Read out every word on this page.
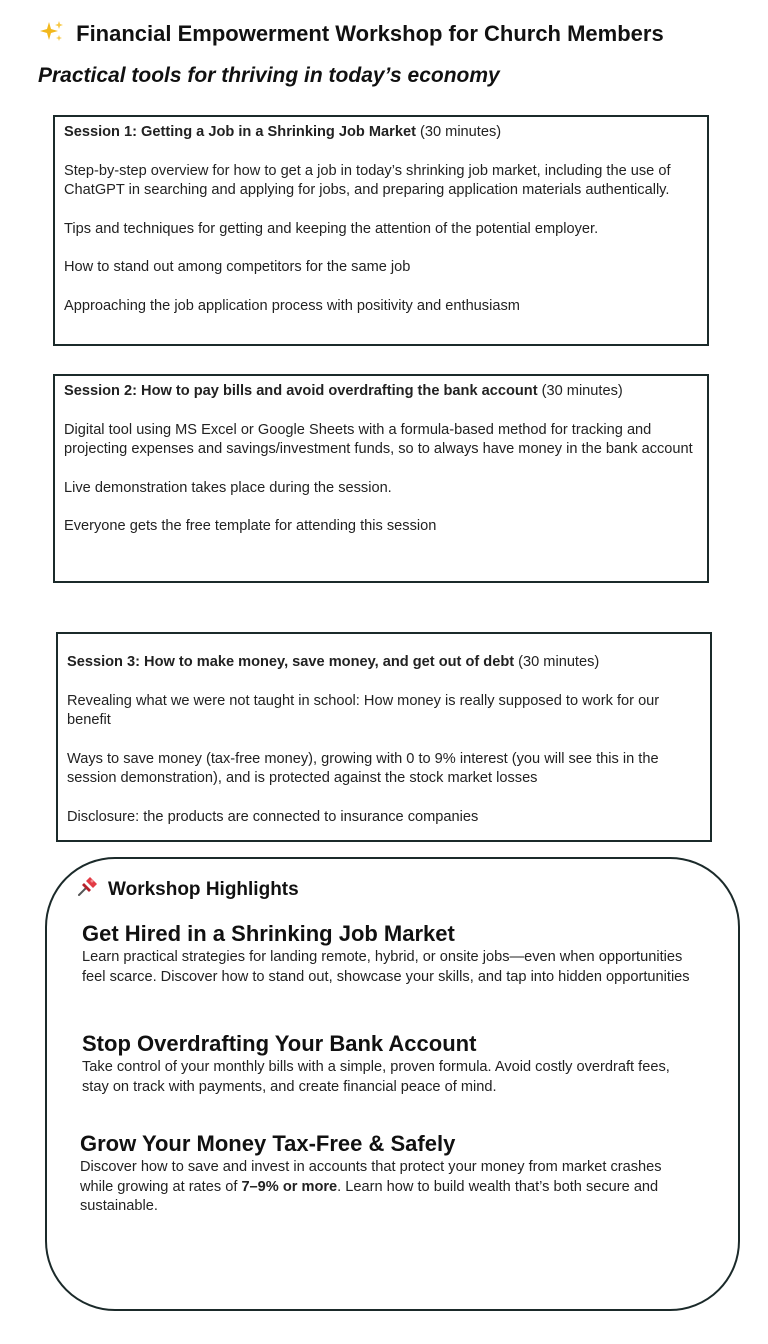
Financial Empowerment Workshop for Church Members
Practical tools for thriving in today’s economy
Session 1: Getting a Job in a Shrinking Job Market (30 minutes)

Step-by-step overview for how to get a job in today’s shrinking job market, including the use of ChatGPT in searching and applying for jobs, and preparing application materials authentically.

Tips and techniques for getting and keeping the attention of the potential employer.

How to stand out among competitors for the same job

Approaching the job application process with positivity and enthusiasm

Session 2: How to pay bills and avoid overdrafting the bank account (30 minutes)

Digital tool using MS Excel or Google Sheets with a formula-based method for tracking and projecting expenses and savings/investment funds, so to always have money in the bank account

Live demonstration takes place during the session.

Everyone gets the free template for attending this session

Session 3: How to make money, save money, and get out of debt (30 minutes)

Revealing what we were not taught in school: How money is really supposed to work for our benefit

Ways to save money (tax-free money), growing with 0 to 9% interest (you will see this in the session demonstration), and is protected against the stock market losses

Disclosure: the products are connected to insurance companies

Workshop Highlights
Get Hired in a Shrinking Job Market
Learn practical strategies for landing remote, hybrid, or onsite jobs—even when opportunities feel scarce. Discover how to stand out, showcase your skills, and tap into hidden opportunities
Stop Overdrafting Your Bank Account
Take control of your monthly bills with a simple, proven formula. Avoid costly overdraft fees, stay on track with payments, and create financial peace of mind.
Grow Your Money Tax-Free & Safely
Discover how to save and invest in accounts that protect your money from market crashes while growing at rates of 7–9% or more. Learn how to build wealth that’s both secure and sustainable.
